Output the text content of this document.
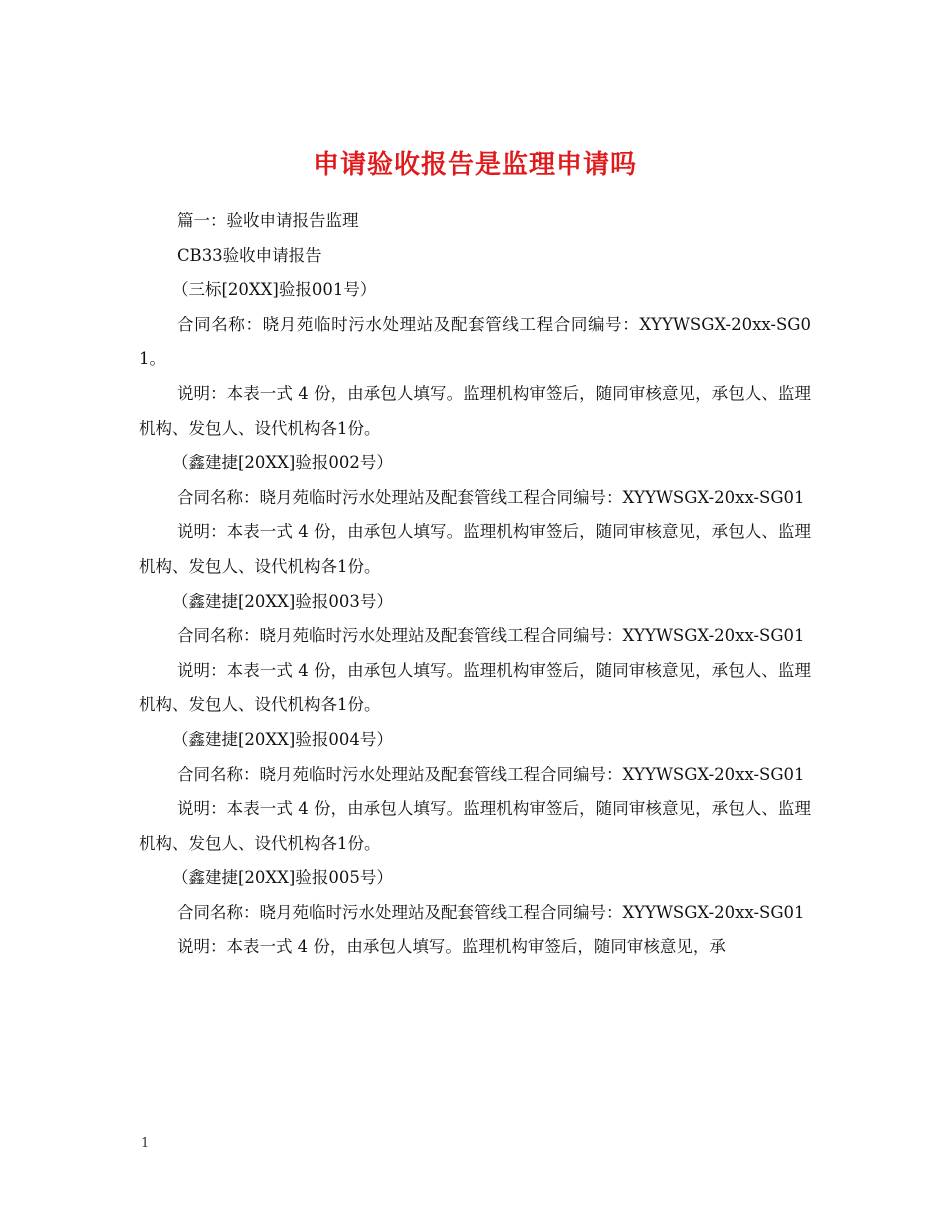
申请验收报告是监理申请吗

篇一：验收申请报告监理

CB33验收申请报告

（三标[20XX]验报001号）

合同名称：晓月苑临时污水处理站及配套管线工程合同编号：XYYWSGX-20xx-SG01。

说明：本表一式 4 份，由承包人填写。监理机构审签后，随同审核意见，承包人、监理机构、发包人、设代机构各1份。

（鑫建捷[20XX]验报002号）

合同名称：晓月苑临时污水处理站及配套管线工程合同编号：XYYWSGX-20xx-SG01

说明：本表一式 4 份，由承包人填写。监理机构审签后，随同审核意见，承包人、监理机构、发包人、设代机构各1份。

（鑫建捷[20XX]验报003号）

合同名称：晓月苑临时污水处理站及配套管线工程合同编号：XYYWSGX-20xx-SG01

说明：本表一式 4 份，由承包人填写。监理机构审签后，随同审核意见，承包人、监理机构、发包人、设代机构各1份。

（鑫建捷[20XX]验报004号）

合同名称：晓月苑临时污水处理站及配套管线工程合同编号：XYYWSGX-20xx-SG01

说明：本表一式 4 份，由承包人填写。监理机构审签后，随同审核意见，承包人、监理机构、发包人、设代机构各1份。

（鑫建捷[20XX]验报005号）

合同名称：晓月苑临时污水处理站及配套管线工程合同编号：XYYWSGX-20xx-SG01

说明：本表一式 4 份，由承包人填写。监理机构审签后，随同审核意见，承

1
